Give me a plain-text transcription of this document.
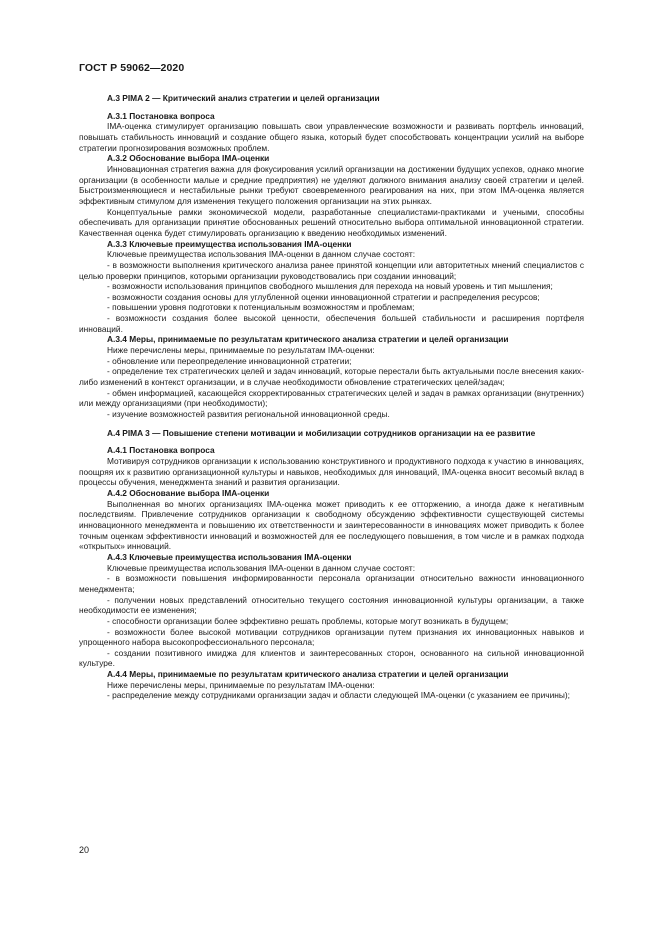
ГОСТ Р 59062—2020
А.3 PIMA 2 — Критический анализ стратегии и целей организации
А.3.1 Постановка вопроса

IMA-оценка стимулирует организацию повышать свои управленческие возможности и развивать портфель инноваций, повышать стабильность инноваций и создание общего языка, который будет способствовать концентрации усилий на выборе стратегии прогнозирования возможных проблем.

А.3.2 Обоснование выбора IMA-оценки

Инновационная стратегия важна для фокусирования усилий организации на достижении будущих успехов, однако многие организации (в особенности малые и средние предприятия) не уделяют должного внимания анализу своей стратегии и целей. Быстроизменяющиеся и нестабильные рынки требуют своевременного реагирования на них, при этом IMA-оценка является эффективным стимулом для изменения текущего положения организации на этих рынках.

Концептуальные рамки экономической модели, разработанные специалистами-практиками и учеными, способны обеспечивать для организации принятие обоснованных решений относительно выбора оптимальной инновационной стратегии. Качественная оценка будет стимулировать организацию к введению необходимых изменений.

А.3.3 Ключевые преимущества использования IMA-оценки

Ключевые преимущества использования IMA-оценки в данном случае состоят:

- в возможности выполнения критического анализа ранее принятой концепции или авторитетных мнений специалистов с целью проверки принципов, которыми организации руководствовались при создании инноваций;

- возможности использования принципов свободного мышления для перехода на новый уровень и тип мышления;

- возможности создания основы для углубленной оценки инновационной стратегии и распределения ресурсов;

- повышении уровня подготовки к потенциальным возможностям и проблемам;

- возможности создания более высокой ценности, обеспечения большей стабильности и расширения портфеля инноваций.

А.3.4 Меры, принимаемые по результатам критического анализа стратегии и целей организации

Ниже перечислены меры, принимаемые по результатам IMA-оценки:

- обновление или переопределение инновационной стратегии;

- определение тех стратегических целей и задач инноваций, которые перестали быть актуальными после внесения каких-либо изменений в контекст организации, и в случае необходимости обновление стратегических целей/задач;

- обмен информацией, касающейся скорректированных стратегических целей и задач в рамках организации (внутренних) или между организациями (при необходимости);

- изучение возможностей развития региональной инновационной среды.

А.4 PIMA 3 — Повышение степени мотивации и мобилизации сотрудников организации на ее развитие
А.4.1 Постановка вопроса

Мотивируя сотрудников организации к использованию конструктивного и продуктивного подхода к участию в инновациях, поощряя их к развитию организационной культуры и навыков, необходимых для инноваций, IMA-оценка вносит весомый вклад в процессы обучения, менеджмента знаний и развития организации.

А.4.2 Обоснование выбора IMA-оценки

Выполненная во многих организациях IMA-оценка может приводить к ее отторжению, а иногда даже к негативным последствиям. Привлечение сотрудников организации к свободному обсуждению эффективности существующей системы инновационного менеджмента и повышению их ответственности и заинтересованности в инновациях может приводить к более точным оценкам эффективности инноваций и возможностей для ее последующего повышения, в том числе и в рамках подхода «открытых» инноваций.

А.4.3 Ключевые преимущества использования IMA-оценки

Ключевые преимущества использования IMA-оценки в данном случае состоят:

- в возможности повышения информированности персонала организации относительно важности инновационного менеджмента;

- получении новых представлений относительно текущего состояния инновационной культуры организации, а также необходимости ее изменения;

- способности организации более эффективно решать проблемы, которые могут возникать в будущем;

- возможности более высокой мотивации сотрудников организации путем признания их инновационных навыков и упрощенного набора высокопрофессионального персонала;

- создании позитивного имиджа для клиентов и заинтересованных сторон, основанного на сильной инновационной культуре.

А.4.4 Меры, принимаемые по результатам критического анализа стратегии и целей организации

Ниже перечислены меры, принимаемые по результатам IMA-оценки:

- распределение между сотрудниками организации задач и области следующей IMA-оценки (с указанием ее причины);

20
